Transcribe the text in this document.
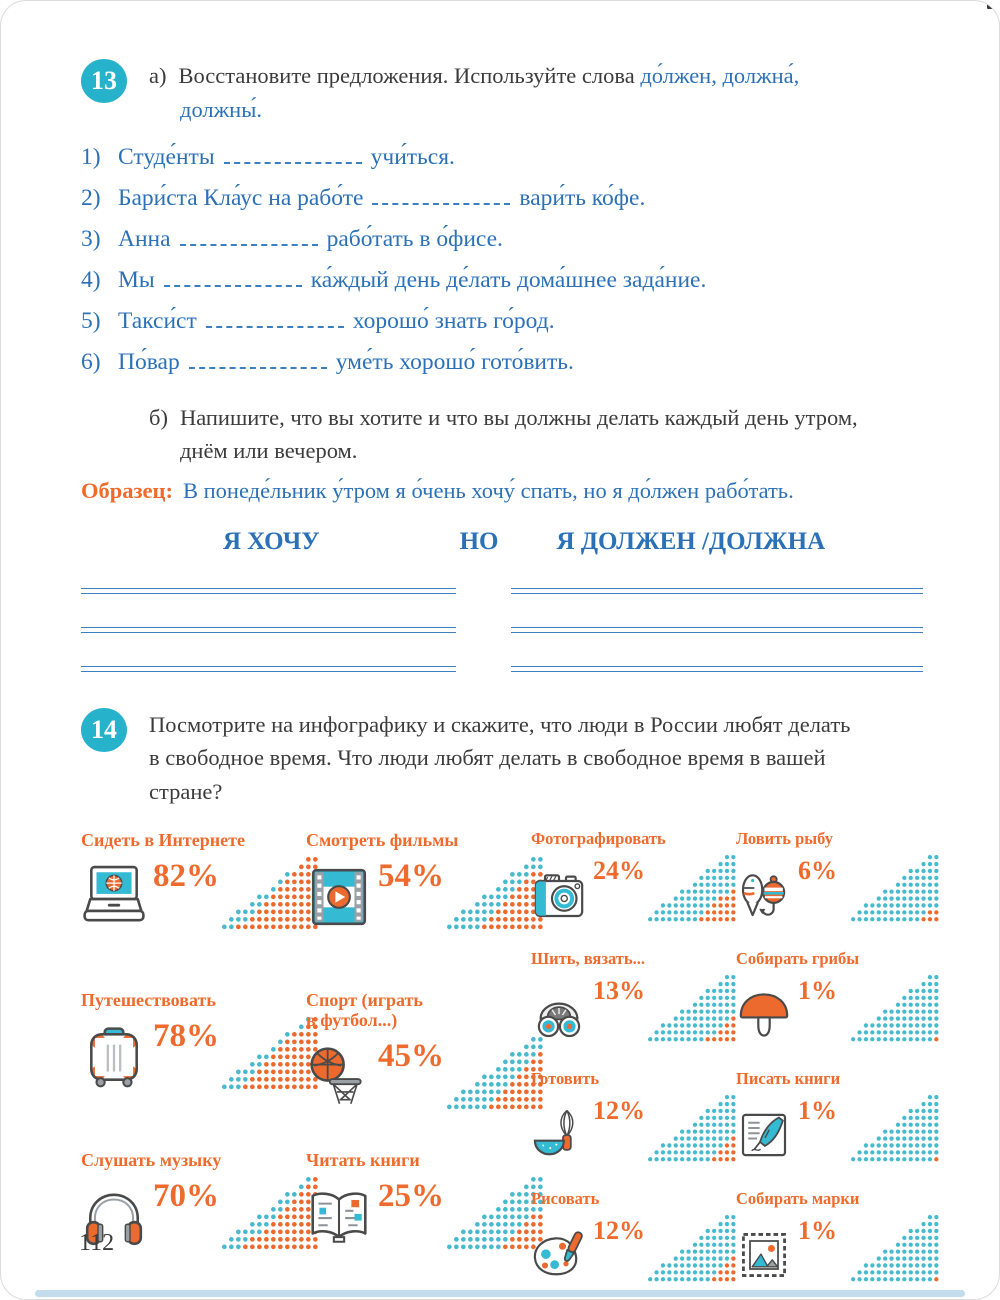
13	а) Восстановите предложения. Используйте слова до́лжен, должна́,
должны́.
1) Студе́нты	учи́ться.
2) Бари́ста Кла́ус на рабо́те	вари́ть ко́фе.
3) Анна	рабо́тать в о́фисе.
4) Мы	ка́ждый день де́лать дома́шнее зада́ние.
5) Такси́ст	хорошо́ знать го́род.
6) По́вар	уме́ть хорошо́ гото́вить.
б) Напишите, что вы хотите и что вы должны делать каждый день утром,
днём или вечером.
Образец: В понеде́льник у́тром я о́чень хочу́ спать, но я до́лжен рабо́тать.
Я ХОЧУ	НО Я ДОЛЖЕН /ДОЛЖНА
14	Посмотрите на инфографику и скажите, что люди в России любят делать
в свободное время. Что люди любят делать в свободное время в вашей
стране?
Сидеть в Интернете
82%
Путешествовать
78%
Слушать музыку
70%
Смотреть фильмы
54%
Спорт (играть
в футбол...)
45%
Читать книги
25%
Фотографировать
24%
Шить, вязать...
13%
Готовить
12%
Рисовать
12%
Ловить рыбу
6%
Собирать грибы
1%
Писать книги
1%
Собирать марки
1%
112
